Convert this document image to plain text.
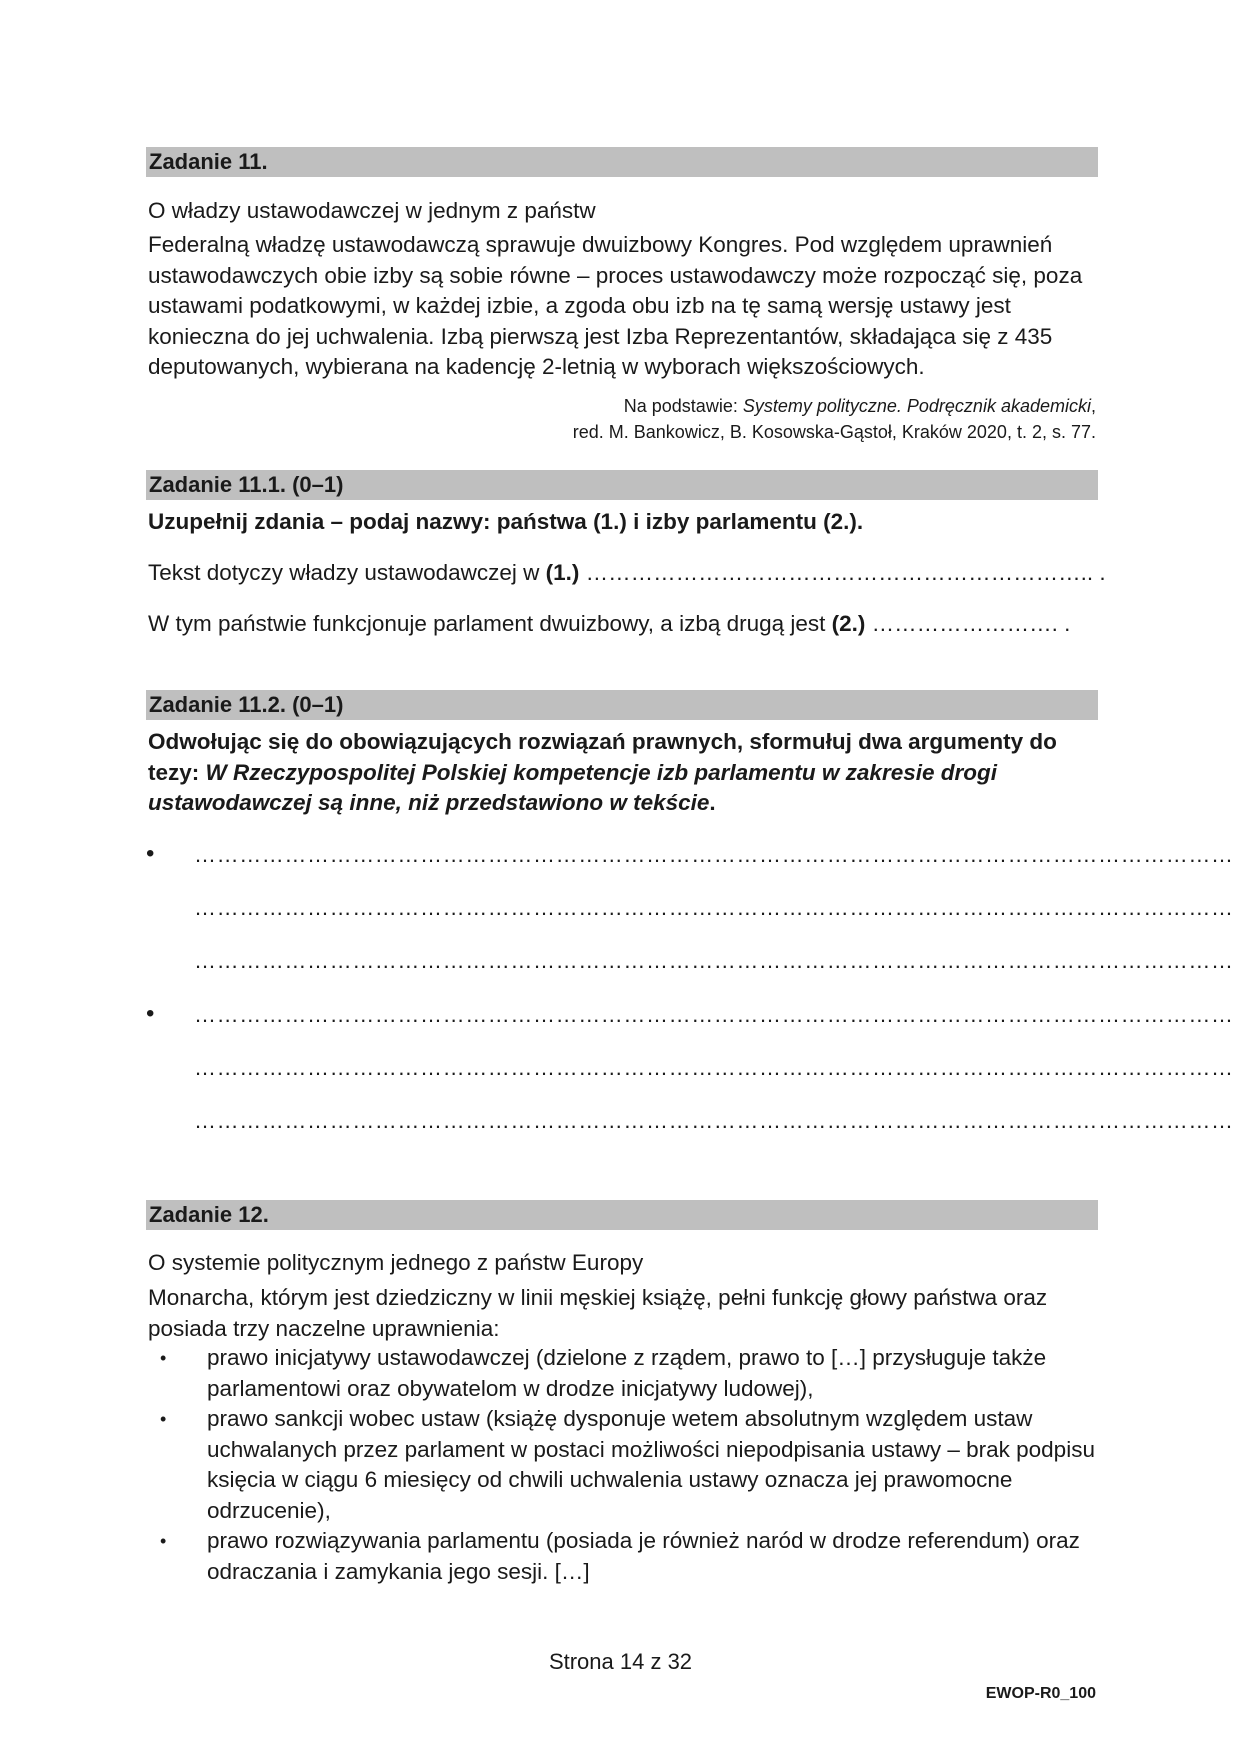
Zadanie 11.

O władzy ustawodawczej w jednym z państw

Federalną władzę ustawodawczą sprawuje dwuizbowy Kongres. Pod względem uprawnień ustawodawczych obie izby są sobie równe – proces ustawodawczy może rozpocząć się, poza ustawami podatkowymi, w każdej izbie, a zgoda obu izb na tę samą wersję ustawy jest konieczna do jej uchwalenia. Izbą pierwszą jest Izba Reprezentantów, składająca się z 435 deputowanych, wybierana na kadencję 2-letnią w wyborach większościowych.

Na podstawie: Systemy polityczne. Podręcznik akademicki,
red. M. Bankowicz, B. Kosowska-Gąstoł, Kraków 2020, t. 2, s. 77.
Zadanie 11.1. (0–1)

Uzupełnij zdania – podaj nazwy: państwa (1.) i izby parlamentu (2.).

Tekst dotyczy władzy ustawodawczej w (1.) ………………………………………………………….. .

W tym państwie funkcjonuje parlament dwuizbowy, a izbą drugą jest (2.) ……………………. .

Zadanie 11.2. (0–1)

Odwołując się do obowiązujących rozwiązań prawnych, sformułuj dwa argumenty do tezy: W Rzeczypospolitej Polskiej kompetencje izb parlamentu w zakresie drogi ustawodawczej są inne, niż przedstawiono w tekście.

• …………………………………………………………………………………………………………………………
…………………………………………………………………………………………………………………………
…………………………………………………………………………………………………………………………
• …………………………………………………………………………………………………………………………
…………………………………………………………………………………………………………………………
…………………………………………………………………………………………………………………………
Zadanie 12.

O systemie politycznym jednego z państw Europy

Monarcha, którym jest dziedziczny w linii męskiej książę, pełni funkcję głowy państwa oraz posiada trzy naczelne uprawnienia:

• prawo inicjatywy ustawodawczej (dzielone z rządem, prawo to […] przysługuje także parlamentowi oraz obywatelom w drodze inicjatywy ludowej),
• prawo sankcji wobec ustaw (książę dysponuje wetem absolutnym względem ustaw uchwalanych przez parlament w postaci możliwości niepodpisania ustawy – brak podpisu księcia w ciągu 6 miesięcy od chwili uchwalenia ustawy oznacza jej prawomocne odrzucenie),
• prawo rozwiązywania parlamentu (posiada je również naród w drodze referendum) oraz odraczania i zamykania jego sesji. […]
Strona 14 z 32
EWOP-R0_100
